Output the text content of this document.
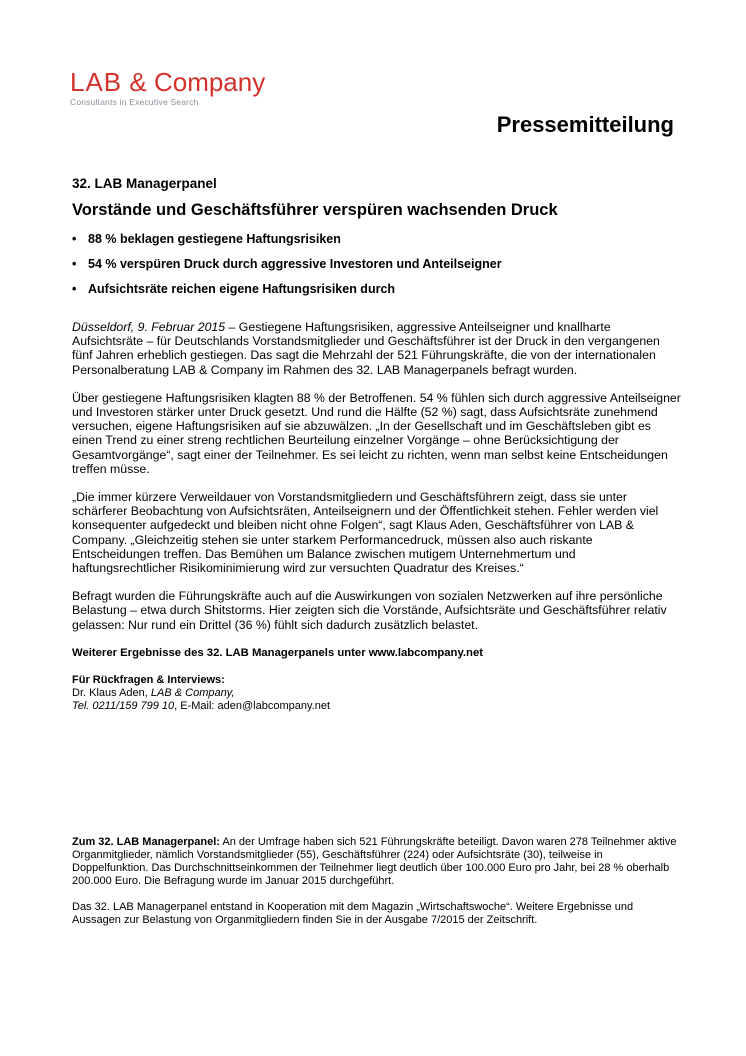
LAB & Company
Consultants in Executive Search
Pressemitteilung
32. LAB Managerpanel
Vorstände und Geschäftsführer verspüren wachsenden Druck
• 88 % beklagen gestiegene Haftungsrisiken
• 54 % verspüren Druck durch aggressive Investoren und Anteilseigner
• Aufsichtsräte reichen eigene Haftungsrisiken durch

Düsseldorf, 9. Februar 2015 – Gestiegene Haftungsrisiken, aggressive Anteilseigner und knallharte Aufsichtsräte – für Deutschlands Vorstandsmitglieder und Geschäftsführer ist der Druck in den vergangenen fünf Jahren erheblich gestiegen. Das sagt die Mehrzahl der 521 Führungskräfte, die von der internationalen Personalberatung LAB & Company im Rahmen des 32. LAB Managerpanels befragt wurden.

Über gestiegene Haftungsrisiken klagten 88 % der Betroffenen. 54 % fühlen sich durch aggressive Anteilseigner und Investoren stärker unter Druck gesetzt. Und rund die Hälfte (52 %) sagt, dass Aufsichtsräte zunehmend versuchen, eigene Haftungsrisiken auf sie abzuwälzen. „In der Gesellschaft und im Geschäftsleben gibt es einen Trend zu einer streng rechtlichen Beurteilung einzelner Vorgänge – ohne Berücksichtigung der Gesamtvorgänge“, sagt einer der Teilnehmer. Es sei leicht zu richten, wenn man selbst keine Entscheidungen treffen müsse.

„Die immer kürzere Verweildauer von Vorstandsmitgliedern und Geschäftsführern zeigt, dass sie unter schärferer Beobachtung von Aufsichtsräten, Anteilseignern und der Öffentlichkeit stehen. Fehler werden viel konsequenter aufgedeckt und bleiben nicht ohne Folgen“, sagt Klaus Aden, Geschäftsführer von LAB & Company. „Gleichzeitig stehen sie unter starkem Performancedruck, müssen also auch riskante Entscheidungen treffen. Das Bemühen um Balance zwischen mutigem Unternehmertum und haftungsrechtlicher Risikominimierung wird zur versuchten Quadratur des Kreises.“

Befragt wurden die Führungskräfte auch auf die Auswirkungen von sozialen Netzwerken auf ihre persönliche Belastung – etwa durch Shitstorms. Hier zeigten sich die Vorstände, Aufsichtsräte und Geschäftsführer relativ gelassen: Nur rund ein Drittel (36 %) fühlt sich dadurch zusätzlich belastet.

Weiterer Ergebnisse des 32. LAB Managerpanels unter www.labcompany.net

Für Rückfragen & Interviews:
Dr. Klaus Aden, LAB & Company,
Tel. 0211/159 799 10, E-Mail: aden@labcompany.net

Zum 32. LAB Managerpanel: An der Umfrage haben sich 521 Führungskräfte beteiligt. Davon waren 278 Teilnehmer aktive Organmitglieder, nämlich Vorstandsmitglieder (55), Geschäftsführer (224) oder Aufsichtsräte (30), teilweise in Doppelfunktion. Das Durchschnittseinkommen der Teilnehmer liegt deutlich über 100.000 Euro pro Jahr, bei 28 % oberhalb 200.000 Euro. Die Befragung wurde im Januar 2015 durchgeführt.

Das 32. LAB Managerpanel entstand in Kooperation mit dem Magazin „Wirtschaftswoche“. Weitere Ergebnisse und Aussagen zur Belastung von Organmitgliedern finden Sie in der Ausgabe 7/2015 der Zeitschrift.
